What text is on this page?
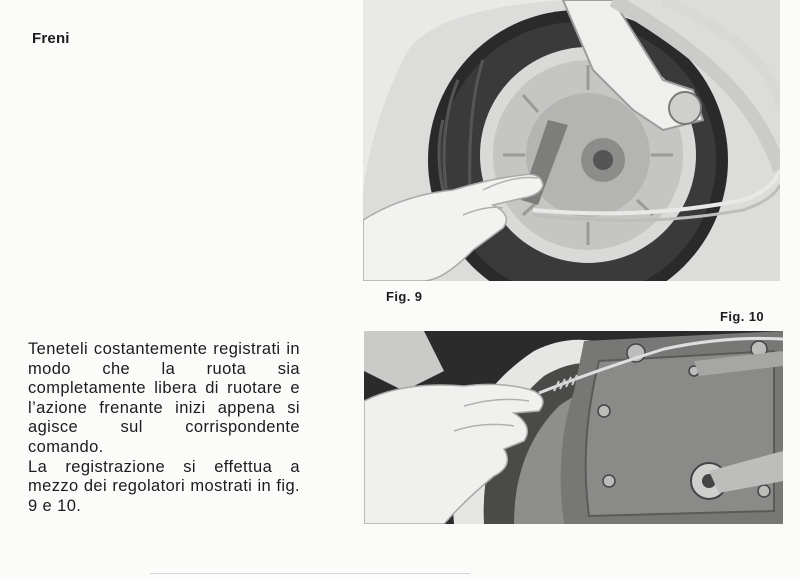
Freni

Teneteli costantemente registrati in modo che la ruota sia completamente libera di ruotare e l’azione frenante inizi appena si agisce sul corrispondente comando.

La registrazione si effettua a mezzo dei regolatori mostrati in fig. 9 e 10.

Fig. 9
Fig. 10
